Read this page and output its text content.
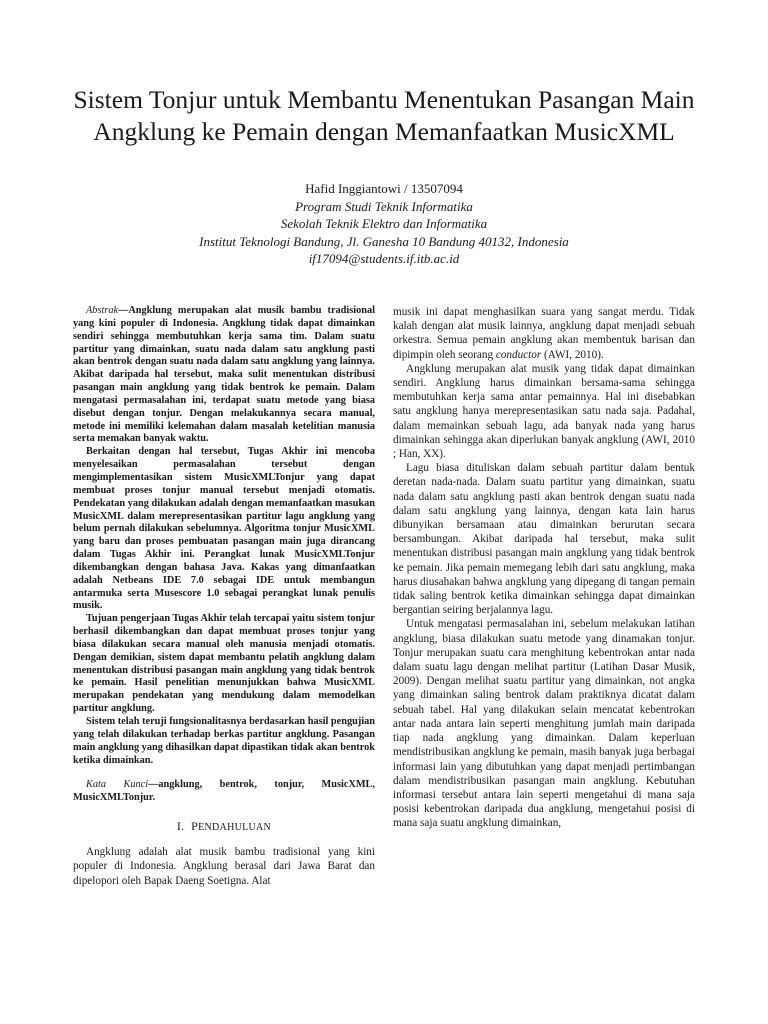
Sistem Tonjur untuk Membantu Menentukan Pasangan Main Angklung ke Pemain dengan Memanfaatkan MusicXML
Hafid Inggiantowi / 13507094
Program Studi Teknik Informatika
Sekolah Teknik Elektro dan Informatika
Institut Teknologi Bandung, Jl. Ganesha 10 Bandung 40132, Indonesia
if17094@students.if.itb.ac.id

Abstrak—Angklung merupakan alat musik bambu tradisional yang kini populer di Indonesia. Angklung tidak dapat dimainkan sendiri sehingga membutuhkan kerja sama tim. Dalam suatu partitur yang dimainkan, suatu nada dalam satu angklung pasti akan bentrok dengan suatu nada dalam satu angklung yang lainnya. Akibat daripada hal tersebut, maka sulit menentukan distribusi pasangan main angklung yang tidak bentrok ke pemain. Dalam mengatasi permasalahan ini, terdapat suatu metode yang biasa disebut dengan tonjur. Dengan melakukannya secara manual, metode ini memiliki kelemahan dalam masalah ketelitian manusia serta memakan banyak waktu.

Berkaitan dengan hal tersebut, Tugas Akhir ini mencoba menyelesaikan permasalahan tersebut dengan mengimplementasikan sistem MusicXMLTonjur yang dapat membuat proses tonjur manual tersebut menjadi otomatis. Pendekatan yang dilakukan adalah dengan memanfaatkan masukan MusicXML dalam merepresentasikan partitur lagu angklung yang belum pernah dilakukan sebelumnya. Algoritma tonjur MusicXML yang baru dan proses pembuatan pasangan main juga dirancang dalam Tugas Akhir ini. Perangkat lunak MusicXMLTonjur dikembangkan dengan bahasa Java. Kakas yang dimanfaatkan adalah Netbeans IDE 7.0 sebagai IDE untuk membangun antarmuka serta Musescore 1.0 sebagai perangkat lunak penulis musik.

Tujuan pengerjaan Tugas Akhir telah tercapai yaitu sistem tonjur berhasil dikembangkan dan dapat membuat proses tonjur yang biasa dilakukan secara manual oleh manusia menjadi otomatis. Dengan demikian, sistem dapat membantu pelatih angklung dalam menentukan distribusi pasangan main angklung yang tidak bentrok ke pemain. Hasil penelitian menunjukkan bahwa MusicXML merupakan pendekatan yang mendukung dalam memodelkan partitur angklung.

Sistem telah teruji fungsionalitasnya berdasarkan hasil pengujian yang telah dilakukan terhadap berkas partitur angklung. Pasangan main angklung yang dihasilkan dapat dipastikan tidak akan bentrok ketika dimainkan.

Kata Kunci—angklung, bentrok, tonjur, MusicXML, MusicXMLTonjur.

I. PENDAHULUAN

Angklung adalah alat musik bambu tradisional yang kini populer di Indonesia. Angklung berasal dari Jawa Barat dan dipelopori oleh Bapak Daeng Soetigna. Alat

musik ini dapat menghasilkan suara yang sangat merdu. Tidak kalah dengan alat musik lainnya, angklung dapat menjadi sebuah orkestra. Semua pemain angklung akan membentuk barisan dan dipimpin oleh seorang conductor (AWI, 2010).

Angklung merupakan alat musik yang tidak dapat dimainkan sendiri. Angklung harus dimainkan bersama-sama sehingga membutuhkan kerja sama antar pemainnya. Hal ini disebabkan satu angklung hanya merepresentasikan satu nada saja. Padahal, dalam memainkan sebuah lagu, ada banyak nada yang harus dimainkan sehingga akan diperlukan banyak angklung (AWI, 2010 ; Han, XX).

Lagu biasa dituliskan dalam sebuah partitur dalam bentuk deretan nada-nada. Dalam suatu partitur yang dimainkan, suatu nada dalam satu angklung pasti akan bentrok dengan suatu nada dalam satu angklung yang lainnya, dengan kata lain harus dibunyikan bersamaan atau dimainkan berurutan secara bersambungan. Akibat daripada hal tersebut, maka sulit menentukan distribusi pasangan main angklung yang tidak bentrok ke pemain. Jika pemain memegang lebih dari satu angklung, maka harus diusahakan bahwa angklung yang dipegang di tangan pemain tidak saling bentrok ketika dimainkan sehingga dapat dimainkan bergantian seiring berjalannya lagu.

Untuk mengatasi permasalahan ini, sebelum melakukan latihan angklung, biasa dilakukan suatu metode yang dinamakan tonjur. Tonjur merupakan suatu cara menghitung kebentrokan antar nada dalam suatu lagu dengan melihat partitur (Latihan Dasar Musik, 2009). Dengan melihat suatu partitur yang dimainkan, not angka yang dimainkan saling bentrok dalam praktiknya dicatat dalam sebuah tabel. Hal yang dilakukan selain mencatat kebentrokan antar nada antara lain seperti menghitung jumlah main daripada tiap nada angklung yang dimainkan. Dalam keperluan mendistribusikan angklung ke pemain, masih banyak juga berbagai informasi lain yang dibutuhkan yang dapat menjadi pertimbangan dalam mendistribusikan pasangan main angklung. Kebutuhan informasi tersebut antara lain seperti mengetahui di mana saja posisi kebentrokan daripada dua angklung, mengetahui posisi di mana saja suatu angklung dimainkan,
